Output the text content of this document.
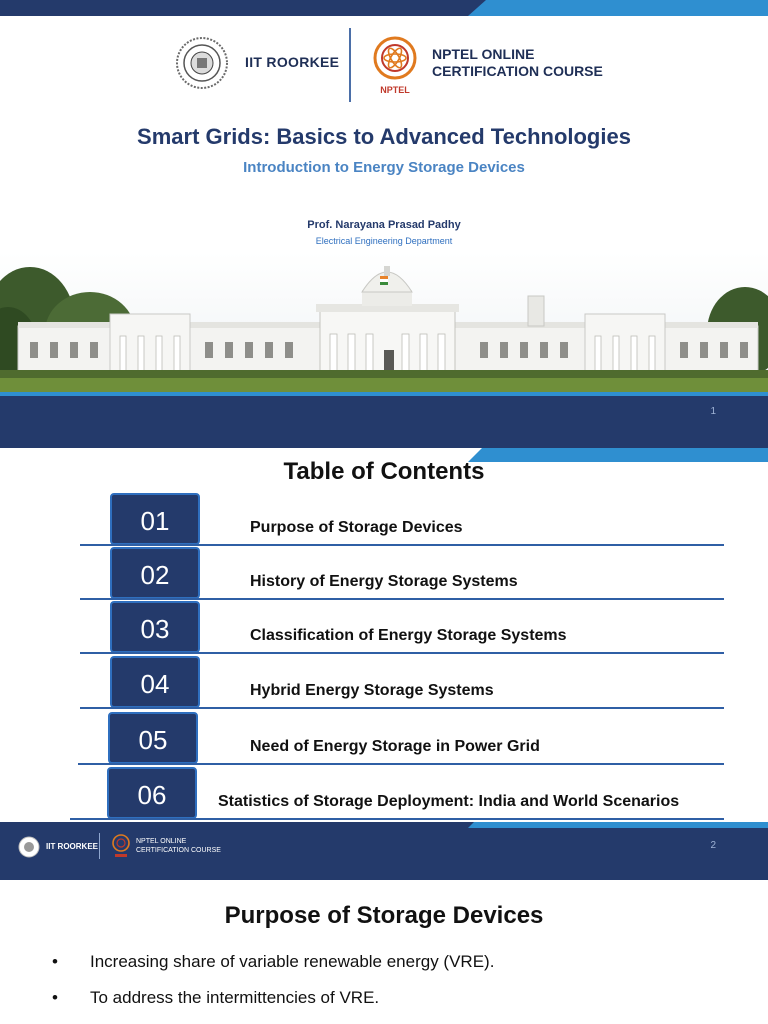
IIT ROORKEE
NPTEL
NPTEL ONLINE
CERTIFICATION COURSE
Smart Grids: Basics to Advanced Technologies
Introduction to Energy Storage Devices
Prof. Narayana Prasad Padhy
Electrical Engineering Department
1
Table of Contents
01	Purpose of Storage Devices
02	History of Energy Storage Systems
03	Classification of Energy Storage Systems
04	Hybrid Energy Storage Systems
05	Need of Energy Storage in Power Grid
06	Statistics of Storage Deployment: India and World Scenarios
IIT ROORKEE
NPTEL ONLINE
CERTIFICATION COURSE	2
Purpose of Storage Devices
• Increasing share of variable renewable energy (VRE).
• To address the intermittencies of VRE.
